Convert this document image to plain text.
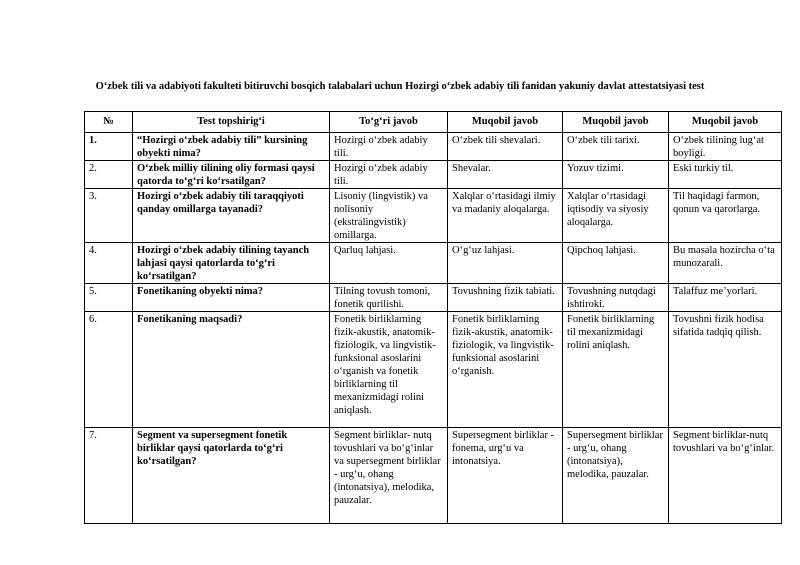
O‘zbek tili va adabiyoti fakulteti bitiruvchi bosqich talabalari uchun Hozirgi o‘zbek adabiy tili fanidan yakuniy davlat attestatsiyasi test
№	Test topshirig‘i	To‘g‘ri javob	Muqobil javob	Muqobil javob	Muqobil javob
1.	“Hozirgi o‘zbek adabiy tili” kursining obyekti nima?	Hozirgi o‘zbek adabiy tili.	O‘zbek tili shevalari.	O‘zbek tili tarixi.	O‘zbek tilining lug‘at boyligi.
2.	O‘zbek milliy tilining oliy formasi qaysi qatorda to‘g‘ri ko‘rsatilgan?	Hozirgi o‘zbek adabiy tili.	Shevalar.	Yozuv tizimi.	Eski turkiy til.
3.	Hozirgi o‘zbek adabiy tili taraqqiyoti qanday omillarga tayanadi?	Lisoniy (lingvistik) va nolisoniy (ekstralingvistik) omillarga.	Xalqlar o‘rtasidagi ilmiy va madaniy aloqalarga.	Xalqlar o‘rtasidagi iqtisodiy va siyosiy aloqalarga.	Til haqidagi farmon, qonun va qarorlarga.
4.	Hozirgi o‘zbek adabiy tilining tayanch lahjasi qaysi qatorlarda to‘g‘ri ko‘rsatilgan?	Qarluq lahjasi.	O‘g‘uz lahjasi.	Qipchoq lahjasi.	Bu masala hozircha o‘ta munozarali.
5.	Fonetikaning obyekti nima?	Tilning tovush tomoni, fonetik qurilishi.	Tovushning fizik tabiati.	Tovushning nutqdagi ishtiroki.	Talaffuz me’yorlari.
6.	Fonetikaning maqsadi?	Fonetik birliklarning fizik-akustik, anatomik- fiziologik, va lingvistik-funksional asoslarini o‘rganish va fonetik birliklarning til mexanizmidagi rolini aniqlash.	Fonetik birliklarning fizik-akustik, anatomik-fiziologik, va lingvistik-funksional asoslarini o‘rganish.	Fonetik birliklarning til mexanizmidagi rolini aniqlash.	Tovushni fizik hodisa sifatida tadqiq qilish.
7.	Segment va supersegment fonetik birliklar qaysi qatorlarda to‘g‘ri ko‘rsatilgan?	Segment birliklar- nutq tovushlari va bo‘g‘inlar va supersegment birliklar - urg‘u, ohang (intonatsiya), melodika, pauzalar.	Supersegment birliklar - fonema, urg‘u va intonatsiya.	Supersegment birliklar - urg‘u, ohang (intonatsiya), melodika, pauzalar.	Segment birliklar-nutq tovushlari va bo‘g‘inlar.
